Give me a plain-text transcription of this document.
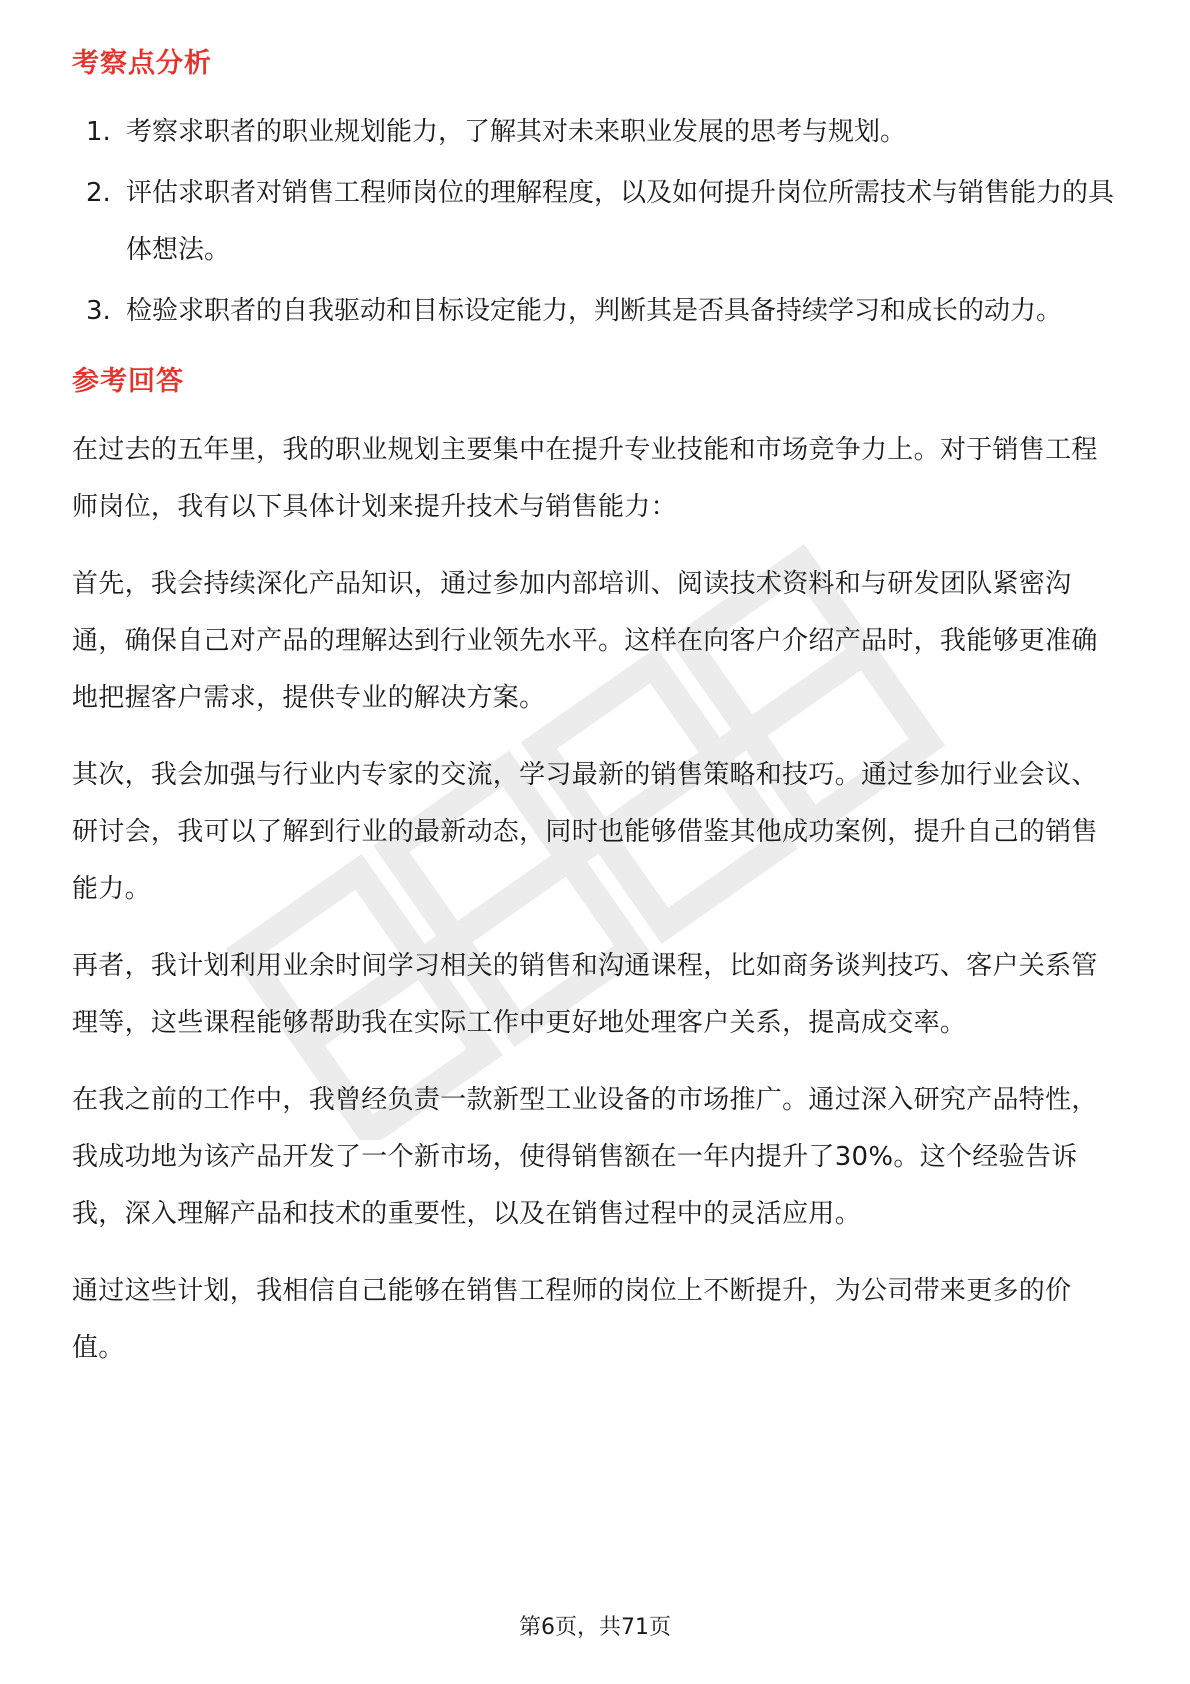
考察点分析
1. 考察求职者的职业规划能力，了解其对未来职业发展的思考与规划。
2. 评估求职者对销售工程师岗位的理解程度，以及如何提升岗位所需技术与销售能力的具体想法。
3. 检验求职者的自我驱动和目标设定能力，判断其是否具备持续学习和成长的动力。
参考回答

在过去的五年里，我的职业规划主要集中在提升专业技能和市场竞争力上。对于销售工程师岗位，我有以下具体计划来提升技术与销售能力：

首先，我会持续深化产品知识，通过参加内部培训、阅读技术资料和与研发团队紧密沟通，确保自己对产品的理解达到行业领先水平。这样在向客户介绍产品时，我能够更准确地把握客户需求，提供专业的解决方案。

其次，我会加强与行业内专家的交流，学习最新的销售策略和技巧。通过参加行业会议、研讨会，我可以了解到行业的最新动态，同时也能够借鉴其他成功案例，提升自己的销售能力。

再者，我计划利用业余时间学习相关的销售和沟通课程，比如商务谈判技巧、客户关系管理等，这些课程能够帮助我在实际工作中更好地处理客户关系，提高成交率。

在我之前的工作中，我曾经负责一款新型工业设备的市场推广。通过深入研究产品特性，我成功地为该产品开发了一个新市场，使得销售额在一年内提升了30%。这个经验告诉我，深入理解产品和技术的重要性，以及在销售过程中的灵活应用。

通过这些计划，我相信自己能够在销售工程师的岗位上不断提升，为公司带来更多的价值。

第6页，共71页
